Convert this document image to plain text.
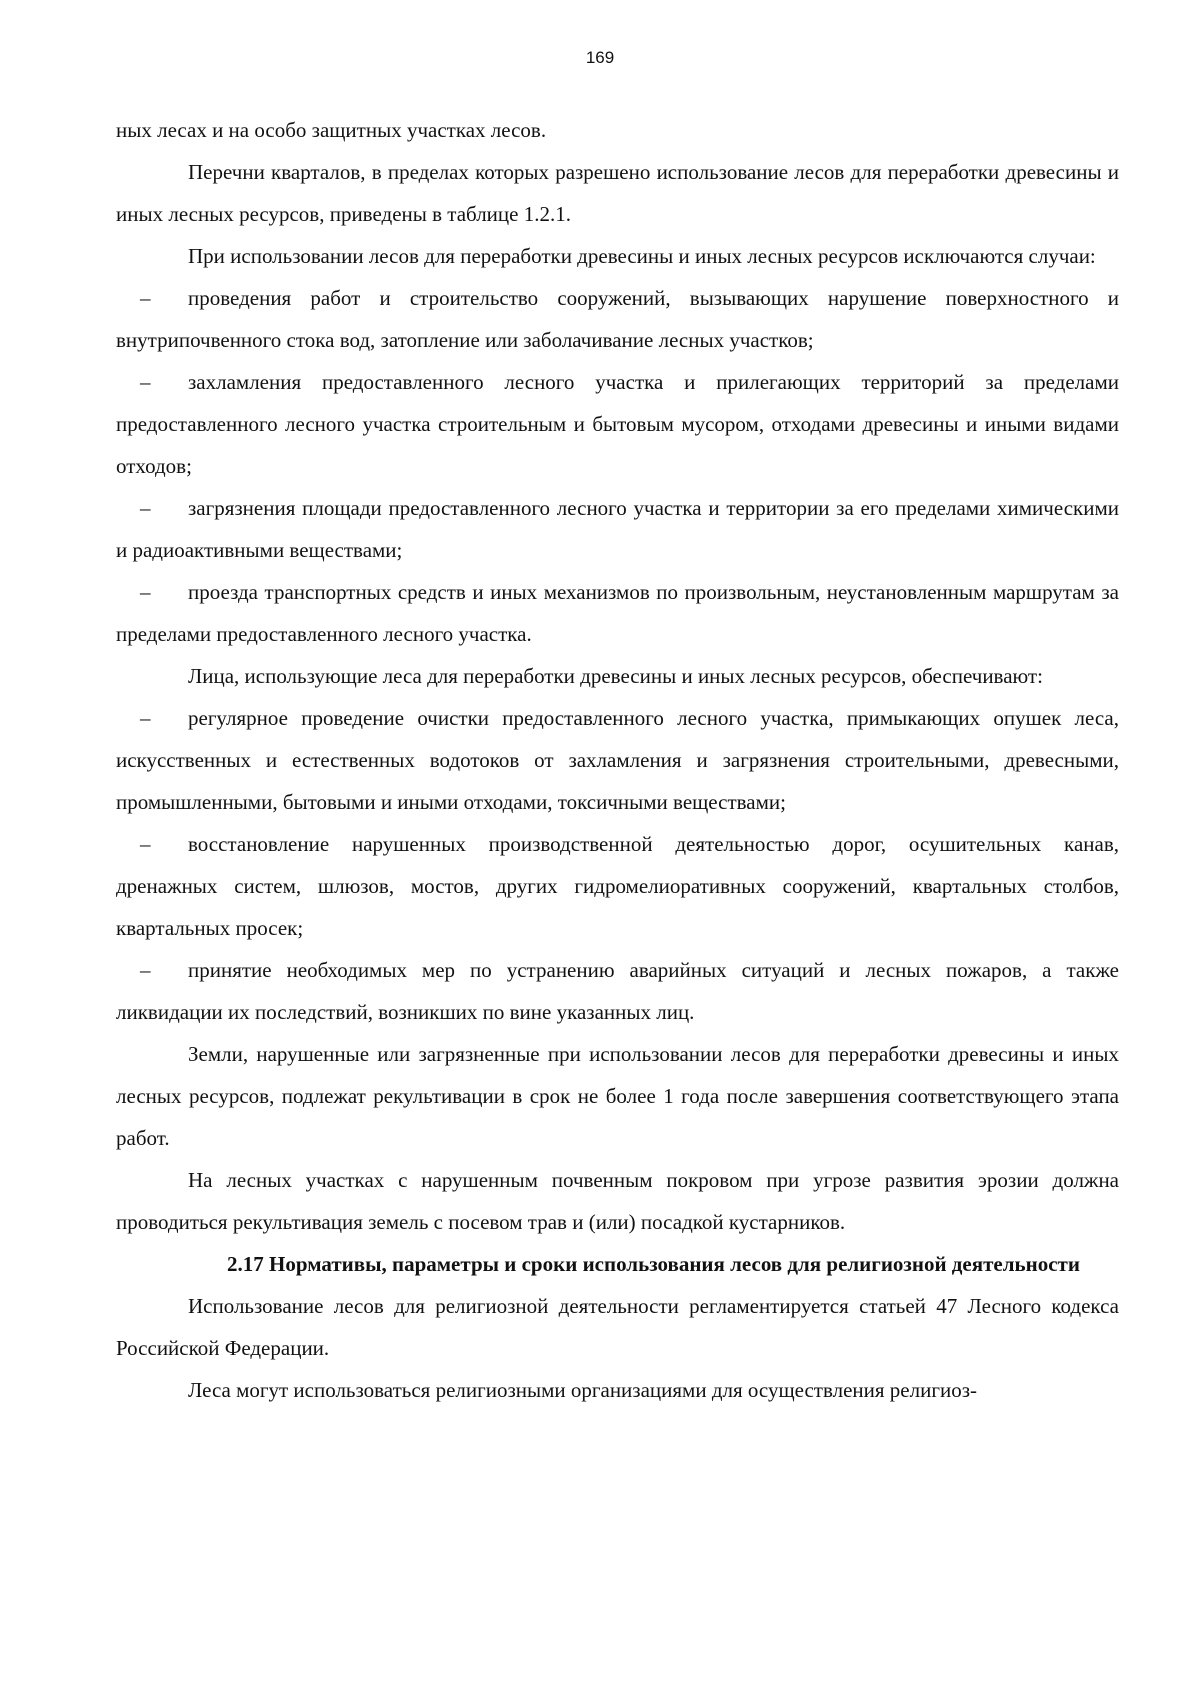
169

ных лесах и на особо защитных участках лесов.

Перечни кварталов, в пределах которых разрешено использование лесов для переработки древесины и иных лесных ресурсов, приведены в таблице 1.2.1.

При использовании лесов для переработки древесины и иных лесных ресурсов исключаются случаи:

– проведения работ и строительство сооружений, вызывающих нарушение поверхностного и внутрипочвенного стока вод, затопление или заболачивание лесных участков;

– захламления предоставленного лесного участка и прилегающих территорий за пределами предоставленного лесного участка строительным и бытовым мусором, отходами древесины и иными видами отходов;

– загрязнения площади предоставленного лесного участка и территории за его пределами химическими и радиоактивными веществами;

– проезда транспортных средств и иных механизмов по произвольным, неустановленным маршрутам за пределами предоставленного лесного участка.

Лица, использующие леса для переработки древесины и иных лесных ресурсов, обеспечивают:

– регулярное проведение очистки предоставленного лесного участка, примыкающих опушек леса, искусственных и естественных водотоков от захламления и загрязнения строительными, древесными, промышленными, бытовыми и иными отходами, токсичными веществами;

– восстановление нарушенных производственной деятельностью дорог, осушительных канав, дренажных систем, шлюзов, мостов, других гидромелиоративных сооружений, квартальных столбов, квартальных просек;

– принятие необходимых мер по устранению аварийных ситуаций и лесных пожаров, а также ликвидации их последствий, возникших по вине указанных лиц.

Земли, нарушенные или загрязненные при использовании лесов для переработки древесины и иных лесных ресурсов, подлежат рекультивации в срок не более 1 года после завершения соответствующего этапа работ.

На лесных участках с нарушенным почвенным покровом при угрозе развития эрозии должна проводиться рекультивация земель с посевом трав и (или) посадкой кустарников.

2.17 Нормативы, параметры и сроки использования лесов для религиозной деятельности

Использование лесов для религиозной деятельности регламентируется статьей 47 Лесного кодекса Российской Федерации.

Леса могут использоваться религиозными организациями для осуществления религиоз-
